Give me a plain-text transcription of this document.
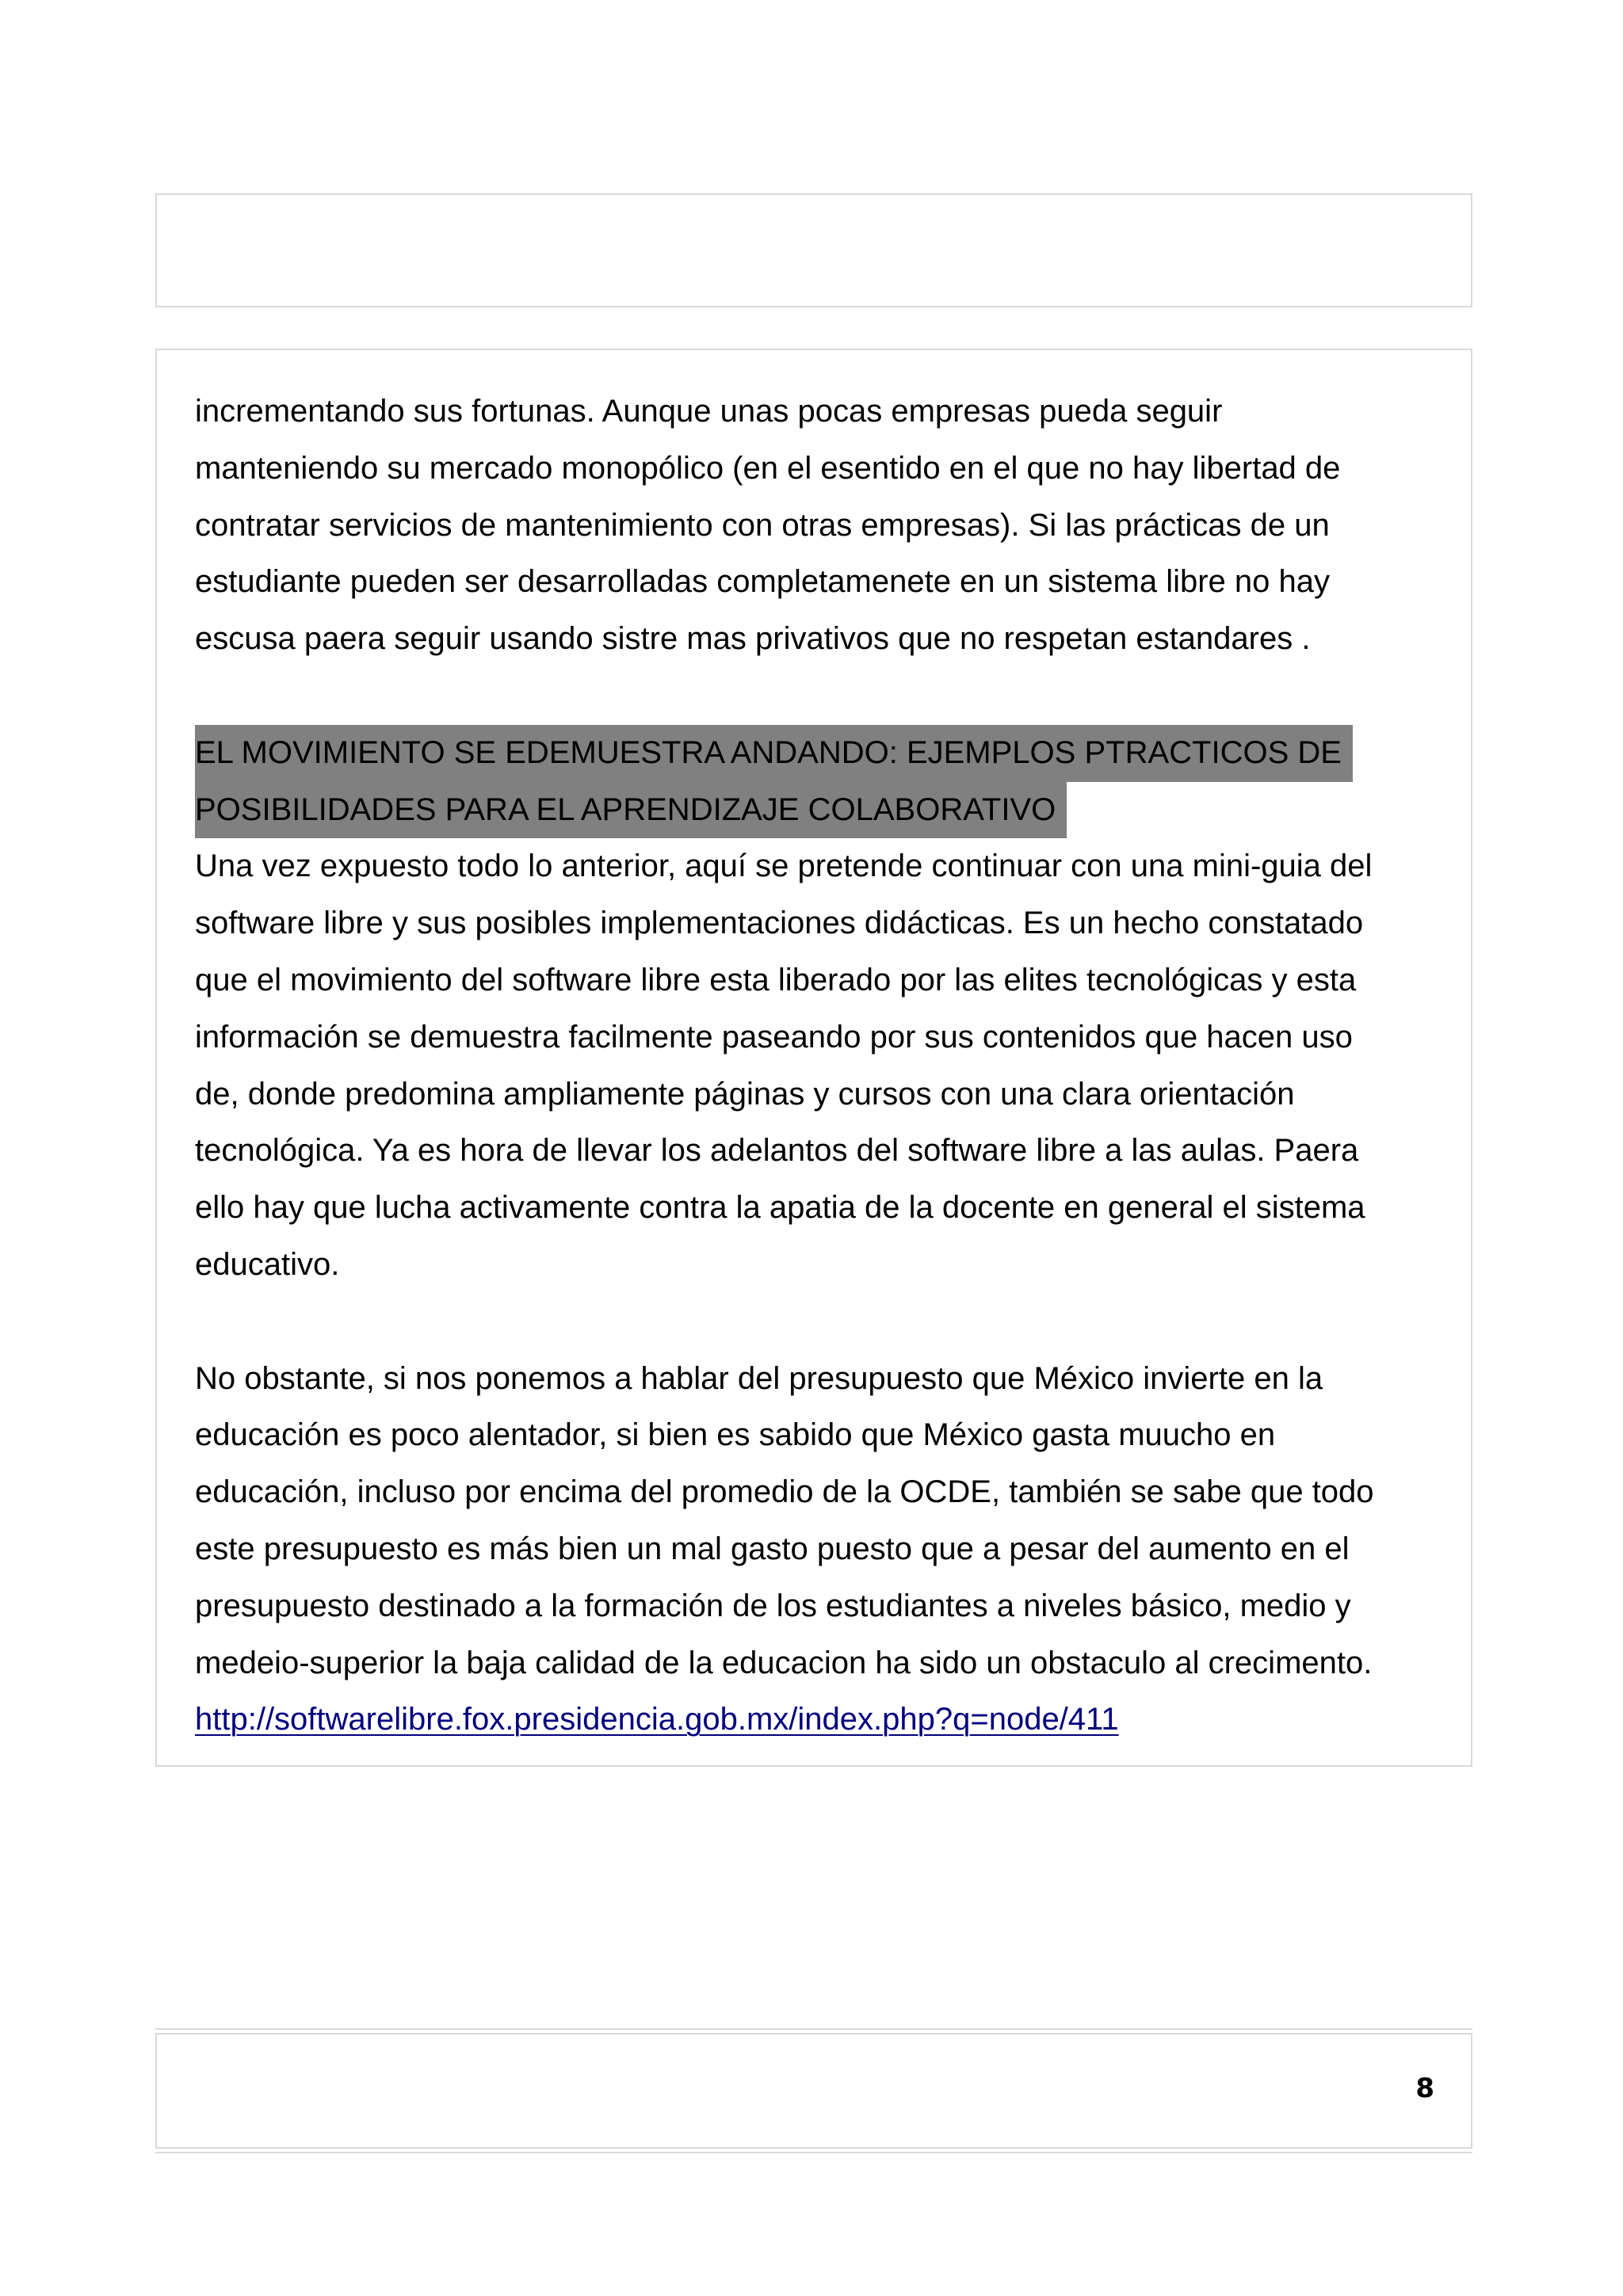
incrementando sus fortunas. Aunque unas pocas empresas pueda seguir

manteniendo su mercado monopólico (en el esentido en el que no hay libertad de

contratar servicios de mantenimiento con otras empresas). Si las prácticas de un

estudiante pueden ser desarrolladas completamenete en un sistema libre no hay

escusa paera seguir usando sistre mas privativos que no respetan estandares .

EL MOVIMIENTO SE EDEMUESTRA ANDANDO: EJEMPLOS PTRACTICOS DE

POSIBILIDADES PARA EL APRENDIZAJE COLABORATIVO

Una vez expuesto todo lo anterior, aquí se pretende continuar con una mini-guia del

software libre y sus posibles implementaciones didácticas. Es un hecho constatado

que el movimiento del software libre esta liberado por las elites tecnológicas y esta

información se demuestra facilmente paseando por sus contenidos que hacen uso

de, donde predomina ampliamente páginas y cursos con una clara orientación

tecnológica. Ya es hora de llevar los adelantos del software libre a las aulas. Paera

ello hay que lucha activamente contra la apatia de la docente en general el sistema

educativo.

No obstante, si nos ponemos a hablar del presupuesto que México invierte en la

educación es poco alentador, si bien es sabido que México gasta muucho en

educación, incluso por encima del promedio de la OCDE, también se sabe que todo

este presupuesto es más bien un mal gasto puesto que a pesar del aumento en el

presupuesto destinado a la formación de los estudiantes a niveles básico, medio y

medeio-superior la baja calidad de la educacion ha sido un obstaculo al crecimento.

http://softwarelibre.fox.presidencia.gob.mx/index.php?q=node/411

8
